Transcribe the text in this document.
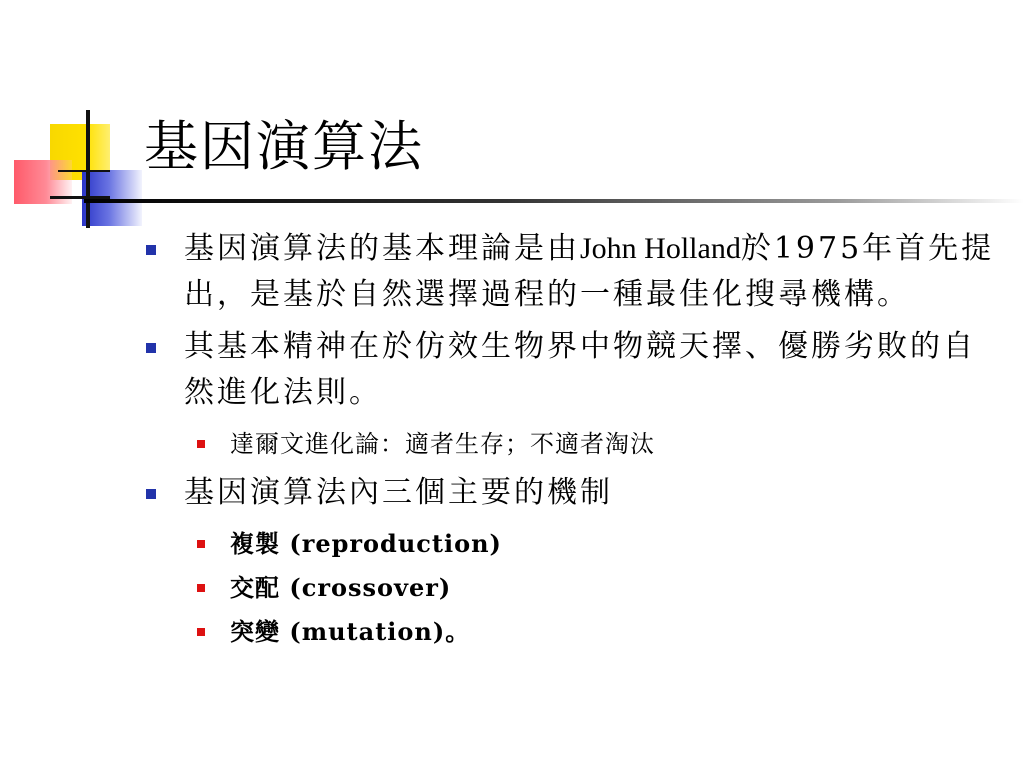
基因演算法
基因演算法的基本理論是由John Holland於1975年首先提出，是基於自然選擇過程的一種最佳化搜尋機構。
其基本精神在於仿效生物界中物競天擇、優勝劣敗的自然進化法則。
達爾文進化論：適者生存；不適者淘汰
基因演算法內三個主要的機制
複製 (reproduction)
交配 (crossover)
突變 (mutation)。
